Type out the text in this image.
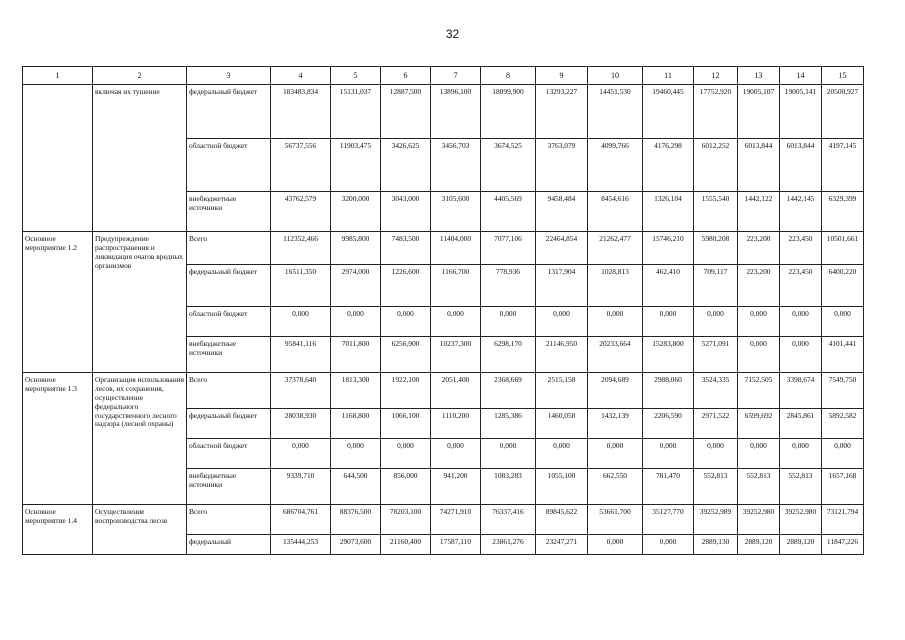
32
1	2	3	4	5	6	7	8	9	10	11	12	13	14	15
	включая их тушение	федеральный бюджет	183483,834	15131,037	12887,500	13896,100	18099,900	13293,227	14451,530	19460,445	17752,920	19005,107	19005,141	20500,927
		областной бюджет	56737,556	11903,475	3426,625	3456,703	3674,525	3763,079	4099,766	4176,298	6012,252	6013,844	6013,844	4197,145
		внебюджетные источники	43762,579	3200,000	3043,000	3105,600	4405,569	9458,484	8454,616	1326,104	1555,540	1442,122	1442,145	6329,399
Основное мероприятие 1.2	Предупреждение распространения и ликвидация очагов вредных организмов	Всего	112352,466	9985,800	7483,500	11404,000	7077,106	22464,854	21262,477	15746,210	5980,208	223,200	223,450	10501,661
		федеральный бюджет	16511,350	2974,000	1226,600	1166,700	778,936	1317,904	1028,813	462,410	709,117	223,200	223,450	6400,220
		областной бюджет	0,000	0,000	0,000	0,000	0,000	0,000	0,000	0,000	0,000	0,000	0,000	0,000
		внебюджетные источники	95841,116	7011,800	6256,900	10237,300	6298,170	21146,950	20233,664	15283,800	5271,091	0,000	0,000	4101,441
Основное мероприятие 1.3	Организация использования лесов, их сохранения, осуществление федерального государственного лесного надзора (лесной охраны)	Всего	37378,640	1813,300	1922,100	2051,400	2368,669	2515,158	2094,689	2988,060	3524,335	7152,505	3398,674	7549,750
		федеральный бюджет	28038,930	1168,800	1066,100	1110,200	1285,386	1460,058	1432,139	2206,590	2971,522	6599,692	2845,861	5892,582
		областной бюджет	0,000	0,000	0,000	0,000	0,000	0,000	0,000	0,000	0,000	0,000	0,000	0,000
		внебюджетные источники	9339,710	644,500	856,000	941,200	1083,283	1055,100	662,550	781,470	552,813	552,813	552,813	1657,168
Основное мероприятие 1.4	Осуществление воспроизводства лесов	Всего	686704,761	88376,500	78203,100	74271,910	76337,416	89845,622	53661,700	35127,770	39252,989	39252,980	39252,980	73121,794
		федеральный	135444,253	29073,600	21160,400	17587,110	23861,276	23247,271	0,000	0,000	2889,130	2889,120	2889,120	11847,226
